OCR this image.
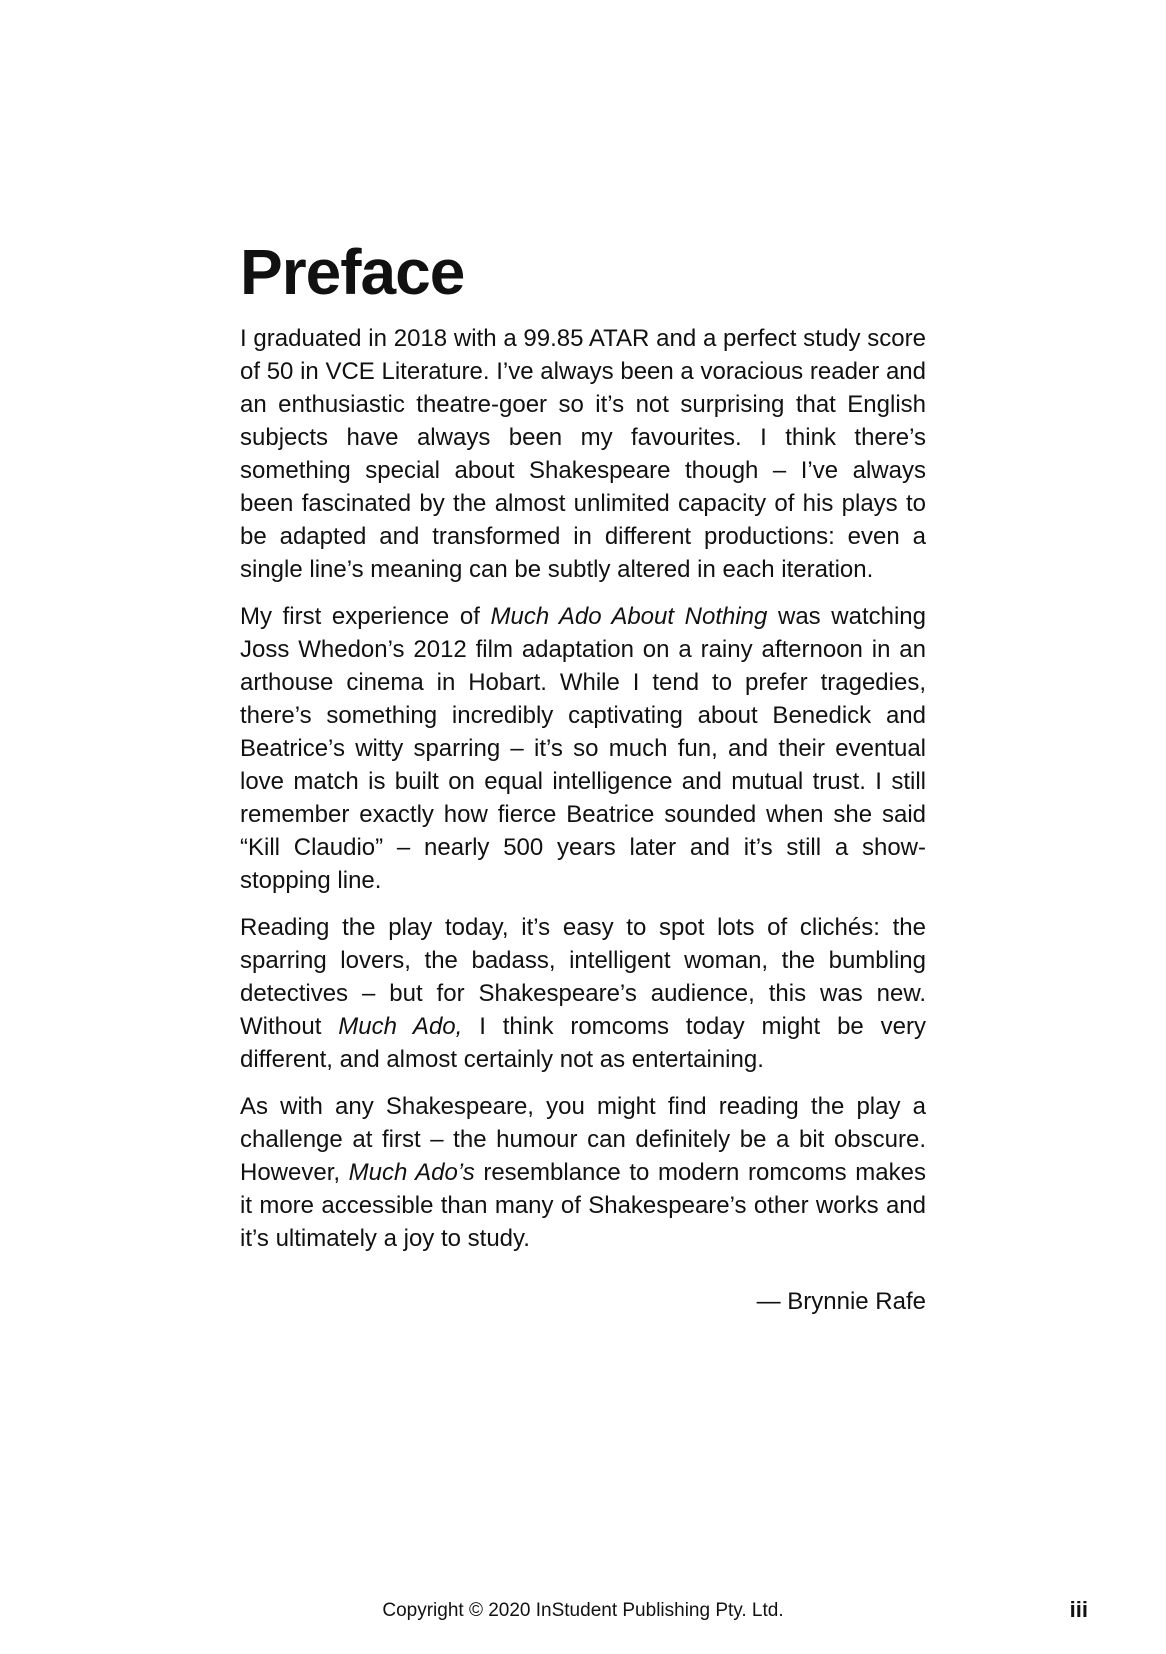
Preface

I graduated in 2018 with a 99.85 ATAR and a perfect study score of 50 in VCE Literature. I’ve always been a voracious reader and an enthusiastic theatre-goer so it’s not surprising that English subjects have always been my favourites. I think there’s something special about Shakespeare though – I’ve always been fascinated by the almost unlimited capacity of his plays to be adapted and transformed in different productions: even a single line’s meaning can be subtly altered in each iteration.

My first experience of Much Ado About Nothing was watching Joss Whedon’s 2012 film adaptation on a rainy afternoon in an arthouse cinema in Hobart. While I tend to prefer tragedies, there’s something incredibly captivating about Benedick and Beatrice’s witty sparring – it’s so much fun, and their eventual love match is built on equal intelligence and mutual trust. I still remember exactly how fierce Beatrice sounded when she said “Kill Claudio” – nearly 500 years later and it’s still a show-stopping line.

Reading the play today, it’s easy to spot lots of clichés: the sparring lovers, the badass, intelligent woman, the bumbling detectives – but for Shakespeare’s audience, this was new. Without Much Ado, I think romcoms today might be very different, and almost certainly not as entertaining.

As with any Shakespeare, you might find reading the play a challenge at first – the humour can definitely be a bit obscure. However, Much Ado’s resemblance to modern romcoms makes it more accessible than many of Shakespeare’s other works and it’s ultimately a joy to study.

— Brynnie Rafe

Copyright © 2020 InStudent Publishing Pty. Ltd.	iii
